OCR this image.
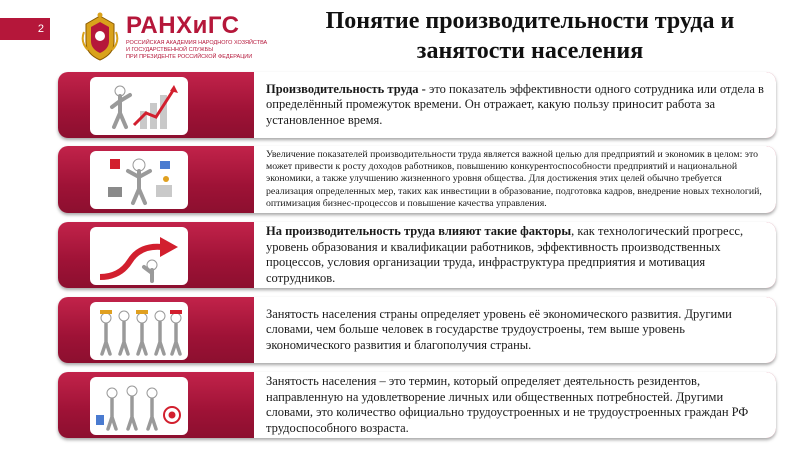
2	РАНХиГС
РОССИЙСКАЯ АКАДЕМИЯ НАРОДНОГО ХОЗЯЙСТВА
И ГОСУДАРСТВЕННОЙ СЛУЖБЫ
ПРИ ПРЕЗИДЕНТЕ РОССИЙСКОЙ ФЕДЕРАЦИИ
Понятие производительности труда и занятости населения

Производительность труда - это показатель эффективности одного сотрудника или отдела в определённый промежуток времени. Он отражает, какую пользу приносит работа за установленное время.

Увеличение показателей производительности труда является важной целью для предприятий и экономик в целом: это может привести к росту доходов работников, повышению конкурентоспособности предприятий и национальной экономики, а также улучшению жизненного уровня общества. Для достижения этих целей обычно требуется реализация определенных мер, таких как инвестиции в образование, подготовка кадров, внедрение новых технологий, оптимизация бизнес-процессов и повышение качества управления.

На производительность труда влияют такие факторы, как технологический прогресс, уровень образования и квалификации работников, эффективность производственных процессов, условия организации труда, инфраструктура предприятия и мотивация сотрудников.

Занятость населения страны определяет уровень её экономического развития. Другими словами, чем больше человек в государстве трудоустроены, тем выше уровень экономического развития и благополучия страны.

Занятость населения – это термин, который определяет деятельность резидентов, направленную на удовлетворение личных или общественных потребностей. Другими словами, это количество официально трудоустроенных и не трудоустроенных граждан РФ трудоспособного возраста.
